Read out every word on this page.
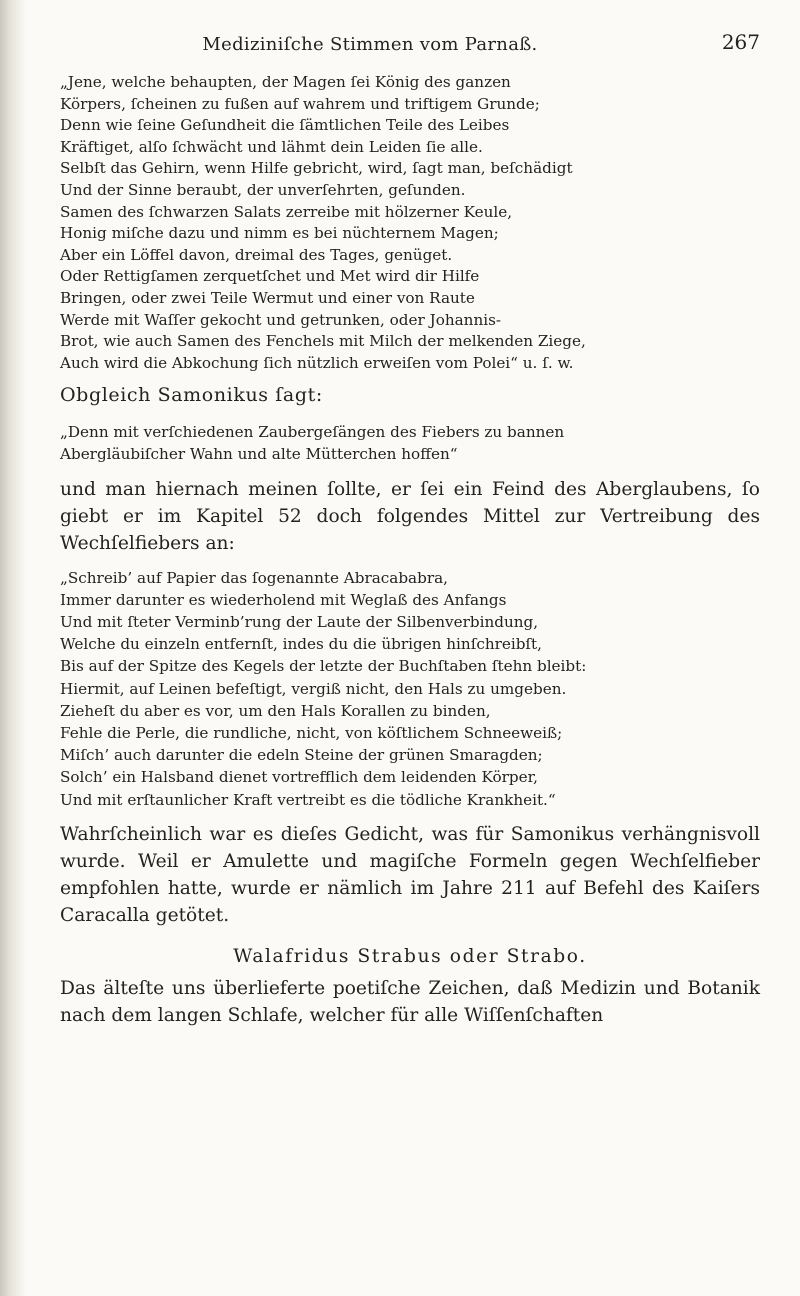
Mediziniſche Stimmen vom Parnaß.	267
„Jene, welche behaupten, der Magen ſei König des ganzen
Körpers, ſcheinen zu fußen auf wahrem und triftigem Grunde;
Denn wie ſeine Geſundheit die ſämtlichen Teile des Leibes
Kräftiget, alſo ſchwächt und lähmt dein Leiden ſie alle.
Selbſt das Gehirn, wenn Hilfe gebricht, wird, ſagt man, beſchädigt
Und der Sinne beraubt, der unverſehrten, geſunden.
Samen des ſchwarzen Salats zerreibe mit hölzerner Keule,
Honig miſche dazu und nimm es bei nüchternem Magen;
Aber ein Löffel davon, dreimal des Tages, genüget.
Oder Rettigſamen zerquetſchet und Met wird dir Hilfe
Bringen, oder zwei Teile Wermut und einer von Raute
Werde mit Waſſer gekocht und getrunken, oder Johannis-
Brot, wie auch Samen des Fenchels mit Milch der melkenden Ziege,
Auch wird die Abkochung ſich nützlich erweiſen vom Polei“ u. ſ. w.
Obgleich Samonikus ſagt:
„Denn mit verſchiedenen Zaubergeſängen des Fiebers zu bannen
Abergläubiſcher Wahn und alte Mütterchen hoffen“

und man hiernach meinen ſollte, er ſei ein Feind des Aberglaubens, ſo giebt er im Kapitel 52 doch folgendes Mittel zur Vertreibung des Wechſelfiebers an:

„Schreib’ auf Papier das ſogenannte Abracababra,
Immer darunter es wiederholend mit Weglaß des Anfangs
Und mit ſteter Verminb’rung der Laute der Silbenverbindung,
Welche du einzeln entfernſt, indes du die übrigen hinſchreibſt,
Bis auf der Spitze des Kegels der letzte der Buchſtaben ſtehn bleibt:
Hiermit, auf Leinen befeſtigt, vergiß nicht, den Hals zu umgeben.
Ziehеſt du aber es vor, um den Hals Korallen zu binden,
Fehle die Perle, die rundliche, nicht, von köſtlichem Schneeweiß;
Miſch’ auch darunter die edeln Steine der grünen Smaragden;
Solch’ ein Halsband dienet vortrefflich dem leidenden Körper,
Und mit erſtaunlicher Kraft vertreibt es die tödliche Krankheit.“

Wahrſcheinlich war es dieſes Gedicht, was für Samonikus verhängnisvoll wurde. Weil er Amulette und magiſche Formeln gegen Wechſelfieber empfohlen hatte, wurde er nämlich im Jahre 211 auf Befehl des Kaiſers Caracalla getötet.

Walafridus Strabus oder Strabo.

Das älteſte uns überlieferte poetiſche Zeichen, daß Medizin und Botanik nach dem langen Schlafe, welcher für alle Wiſſenſchaften
